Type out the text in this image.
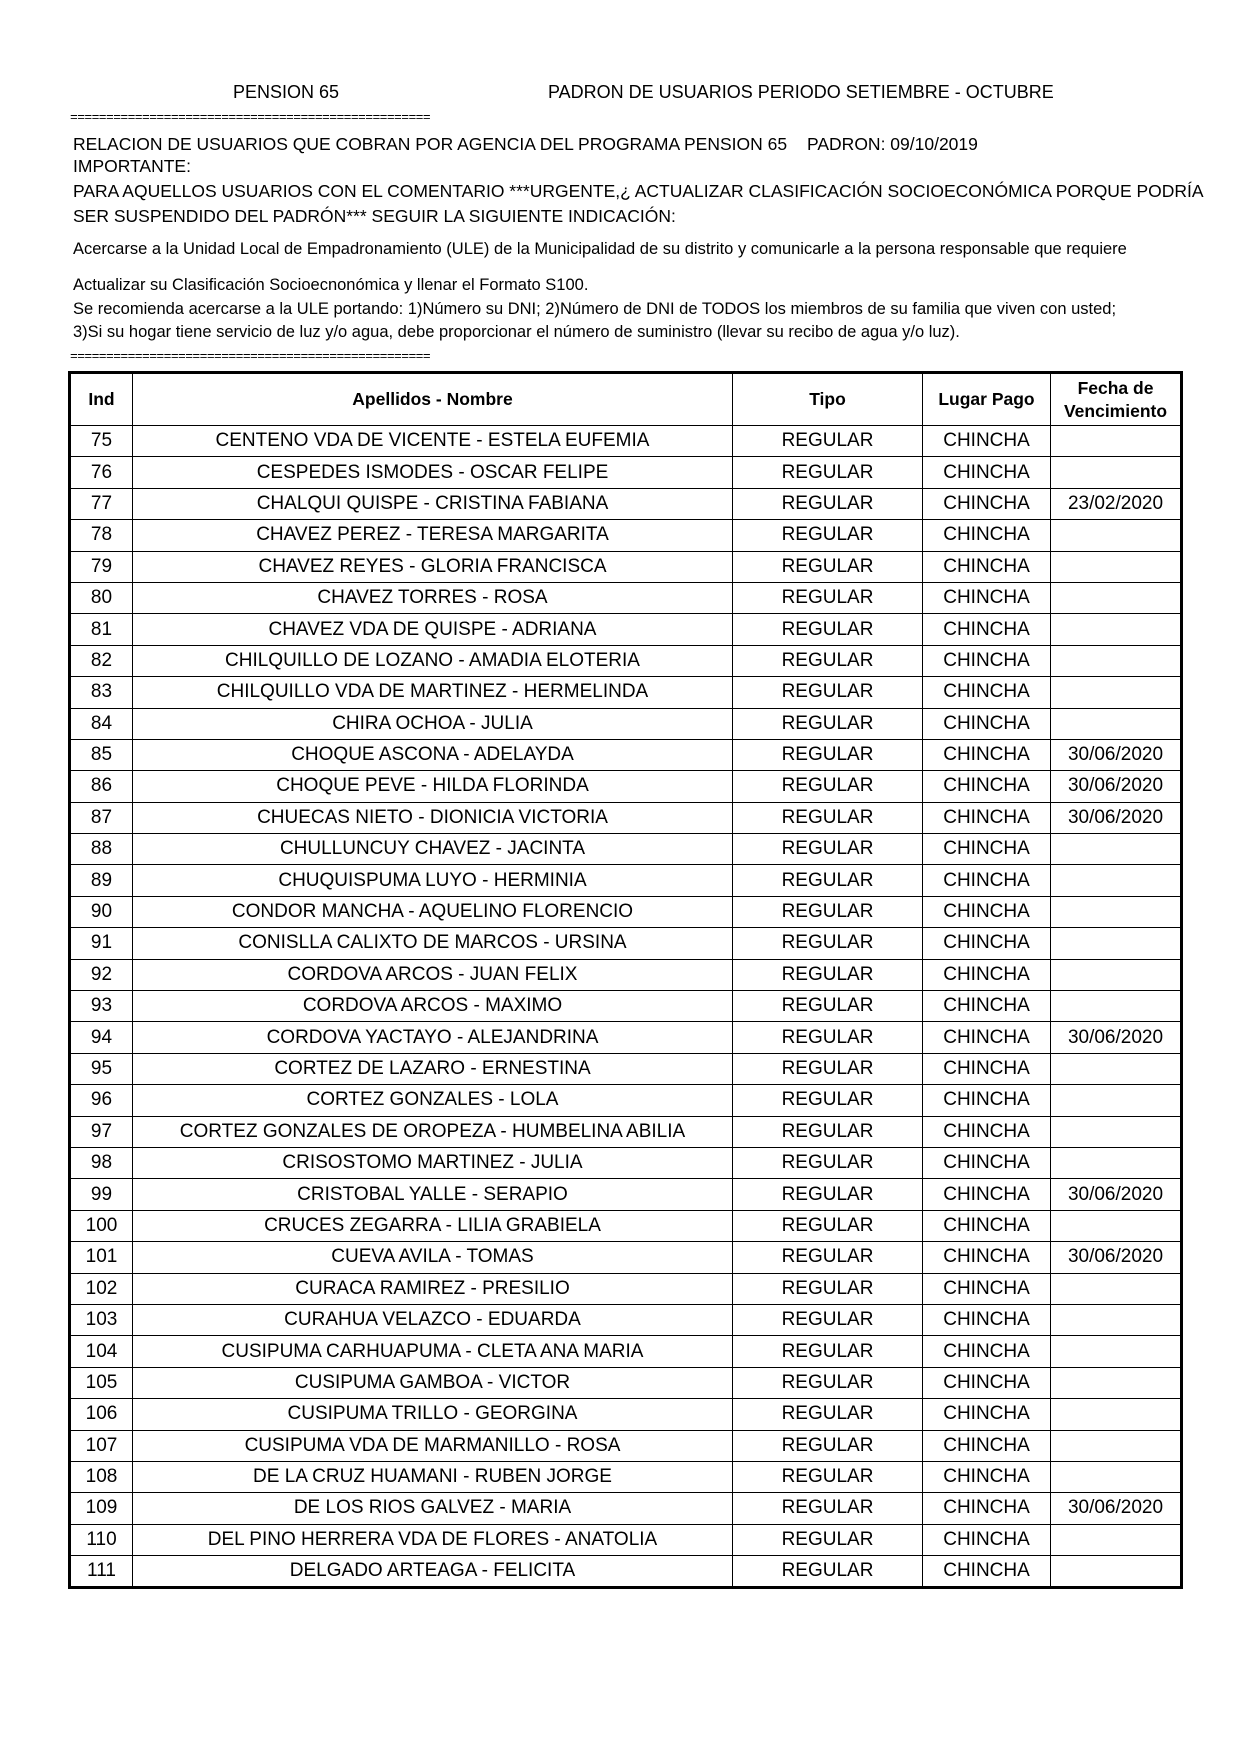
PENSION 65	PADRON DE USUARIOS PERIODO SETIEMBRE - OCTUBRE
==================================================
RELACION DE USUARIOS QUE COBRAN POR AGENCIA DEL PROGRAMA PENSION 65 PADRON: 09/10/2019
IMPORTANTE:
PARA AQUELLOS USUARIOS CON EL COMENTARIO ***URGENTE,¿ ACTUALIZAR CLASIFICACIÓN SOCIOECONÓMICA PORQUE PODRÍA
SER SUSPENDIDO DEL PADRÓN*** SEGUIR LA SIGUIENTE INDICACIÓN:
Acercarse a la Unidad Local de Empadronamiento (ULE) de la Municipalidad de su distrito y comunicarle a la persona responsable que requiere
Actualizar su Clasificación Socioecnonómica y llenar el Formato S100.
Se recomienda acercarse a la ULE portando: 1)Número su DNI; 2)Número de DNI de TODOS los miembros de su familia que viven con usted;
3)Si su hogar tiene servicio de luz y/o agua, debe proporcionar el número de suministro (llevar su recibo de agua y/o luz).
==================================================
Ind	Apellidos - Nombre	Tipo	Lugar Pago	Fecha de
Vencimiento

75	CENTENO VDA DE VICENTE - ESTELA EUFEMIA	REGULAR	CHINCHA	
76	CESPEDES ISMODES - OSCAR FELIPE	REGULAR	CHINCHA	
77	CHALQUI QUISPE - CRISTINA FABIANA	REGULAR	CHINCHA	23/02/2020
78	CHAVEZ PEREZ - TERESA MARGARITA	REGULAR	CHINCHA	
79	CHAVEZ REYES - GLORIA FRANCISCA	REGULAR	CHINCHA	
80	CHAVEZ TORRES - ROSA	REGULAR	CHINCHA	
81	CHAVEZ VDA DE QUISPE - ADRIANA	REGULAR	CHINCHA	
82	CHILQUILLO DE LOZANO - AMADIA ELOTERIA	REGULAR	CHINCHA	
83	CHILQUILLO VDA DE MARTINEZ - HERMELINDA	REGULAR	CHINCHA	
84	CHIRA OCHOA - JULIA	REGULAR	CHINCHA	
85	CHOQUE ASCONA - ADELAYDA	REGULAR	CHINCHA	30/06/2020
86	CHOQUE PEVE - HILDA FLORINDA	REGULAR	CHINCHA	30/06/2020
87	CHUECAS NIETO - DIONICIA VICTORIA	REGULAR	CHINCHA	30/06/2020
88	CHULLUNCUY CHAVEZ - JACINTA	REGULAR	CHINCHA	
89	CHUQUISPUMA LUYO - HERMINIA	REGULAR	CHINCHA	
90	CONDOR MANCHA - AQUELINO FLORENCIO	REGULAR	CHINCHA	
91	CONISLLA CALIXTO DE MARCOS - URSINA	REGULAR	CHINCHA	
92	CORDOVA ARCOS - JUAN FELIX	REGULAR	CHINCHA	
93	CORDOVA ARCOS - MAXIMO	REGULAR	CHINCHA	
94	CORDOVA YACTAYO - ALEJANDRINA	REGULAR	CHINCHA	30/06/2020
95	CORTEZ DE LAZARO - ERNESTINA	REGULAR	CHINCHA	
96	CORTEZ GONZALES - LOLA	REGULAR	CHINCHA	
97	CORTEZ GONZALES DE OROPEZA - HUMBELINA ABILIA	REGULAR	CHINCHA	
98	CRISOSTOMO MARTINEZ - JULIA	REGULAR	CHINCHA	
99	CRISTOBAL YALLE - SERAPIO	REGULAR	CHINCHA	30/06/2020
100	CRUCES ZEGARRA - LILIA GRABIELA	REGULAR	CHINCHA	
101	CUEVA AVILA - TOMAS	REGULAR	CHINCHA	30/06/2020
102	CURACA RAMIREZ - PRESILIO	REGULAR	CHINCHA	
103	CURAHUA VELAZCO - EDUARDA	REGULAR	CHINCHA	
104	CUSIPUMA CARHUAPUMA - CLETA ANA MARIA	REGULAR	CHINCHA	
105	CUSIPUMA GAMBOA - VICTOR	REGULAR	CHINCHA	
106	CUSIPUMA TRILLO - GEORGINA	REGULAR	CHINCHA	
107	CUSIPUMA VDA DE MARMANILLO - ROSA	REGULAR	CHINCHA	
108	DE LA CRUZ HUAMANI - RUBEN JORGE	REGULAR	CHINCHA	
109	DE LOS RIOS GALVEZ - MARIA	REGULAR	CHINCHA	30/06/2020
110	DEL PINO HERRERA VDA DE FLORES - ANATOLIA	REGULAR	CHINCHA	
111	DELGADO ARTEAGA - FELICITA	REGULAR	CHINCHA	
